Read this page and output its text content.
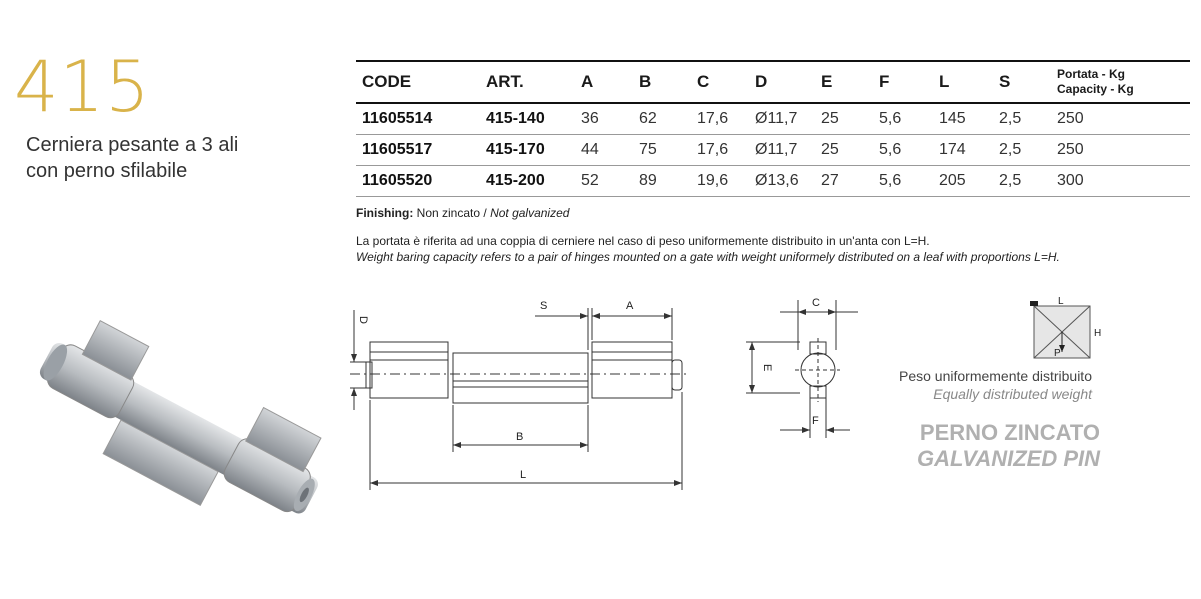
415
Cerniera pesante a 3 ali
con perno sfilabile
CODE	ART.	A	B	C	D	E	F	L	S	Portata - Kg
Capacity - Kg

11605514	415-140	36	62	17,6	Ø11,7	25	5,6	145	2,5	250
11605517	415-170	44	75	17,6	Ø11,7	25	5,6	174	2,5	250
11605520	415-200	52	89	19,6	Ø13,6	27	5,6	205	2,5	300
Finishing: Non zincato / Not galvanized
La portata è riferita ad una coppia di cerniere nel caso di peso uniformemente distribuito in un'anta con L=H.
Weight baring capacity refers to a pair of hinges mounted on a gate with weight uniformely distributed on a leaf with proportions L=H.
D
S	A
B
L
C
E
F
L
H
P
Peso uniformemente distribuito
Equally distributed weight
PERNO ZINCATO
GALVANIZED PIN
